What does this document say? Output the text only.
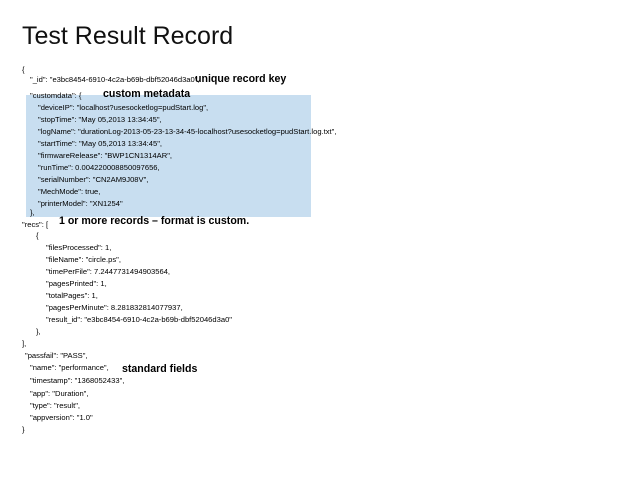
Test Result Record
{
"_id": "e3bc8454-6910-4c2a-b69b-dbf52046d3a0",
"customdata": {
"deviceIP": "localhost?usesocketlog=pudStart.log",
"stopTime": "May 05,2013 13:34:45",
"logName": "durationLog-2013-05-23-13-34-45-localhost?usesocketlog=pudStart.log.txt",
"startTime": "May 05,2013 13:34:45",
"firmwareRelease": "BWP1CN1314AR",
"runTime": 0.004220008850097656,
"serialNumber": "CN2AM9J08V",
"MechMode": true,
"printerModel": "XN1254"
},
"recs": [
{
"filesProcessed": 1,
"fileName": "circle.ps",
"timePerFile": 7.2447731494903564,
"pagesPrinted": 1,
"totalPages": 1,
"pagesPerMinute": 8.281832814077937,
"result_id": "e3bc8454-6910-4c2a-b69b-dbf52046d3a0"
},
],
"passfail": "PASS",
"name": "performance",
"timestamp": "1368052433",
"app": "Duration",
"type": "result",
"appversion": "1.0"
}
unique record key
custom metadata
1 or more records – format is custom.
standard fields
